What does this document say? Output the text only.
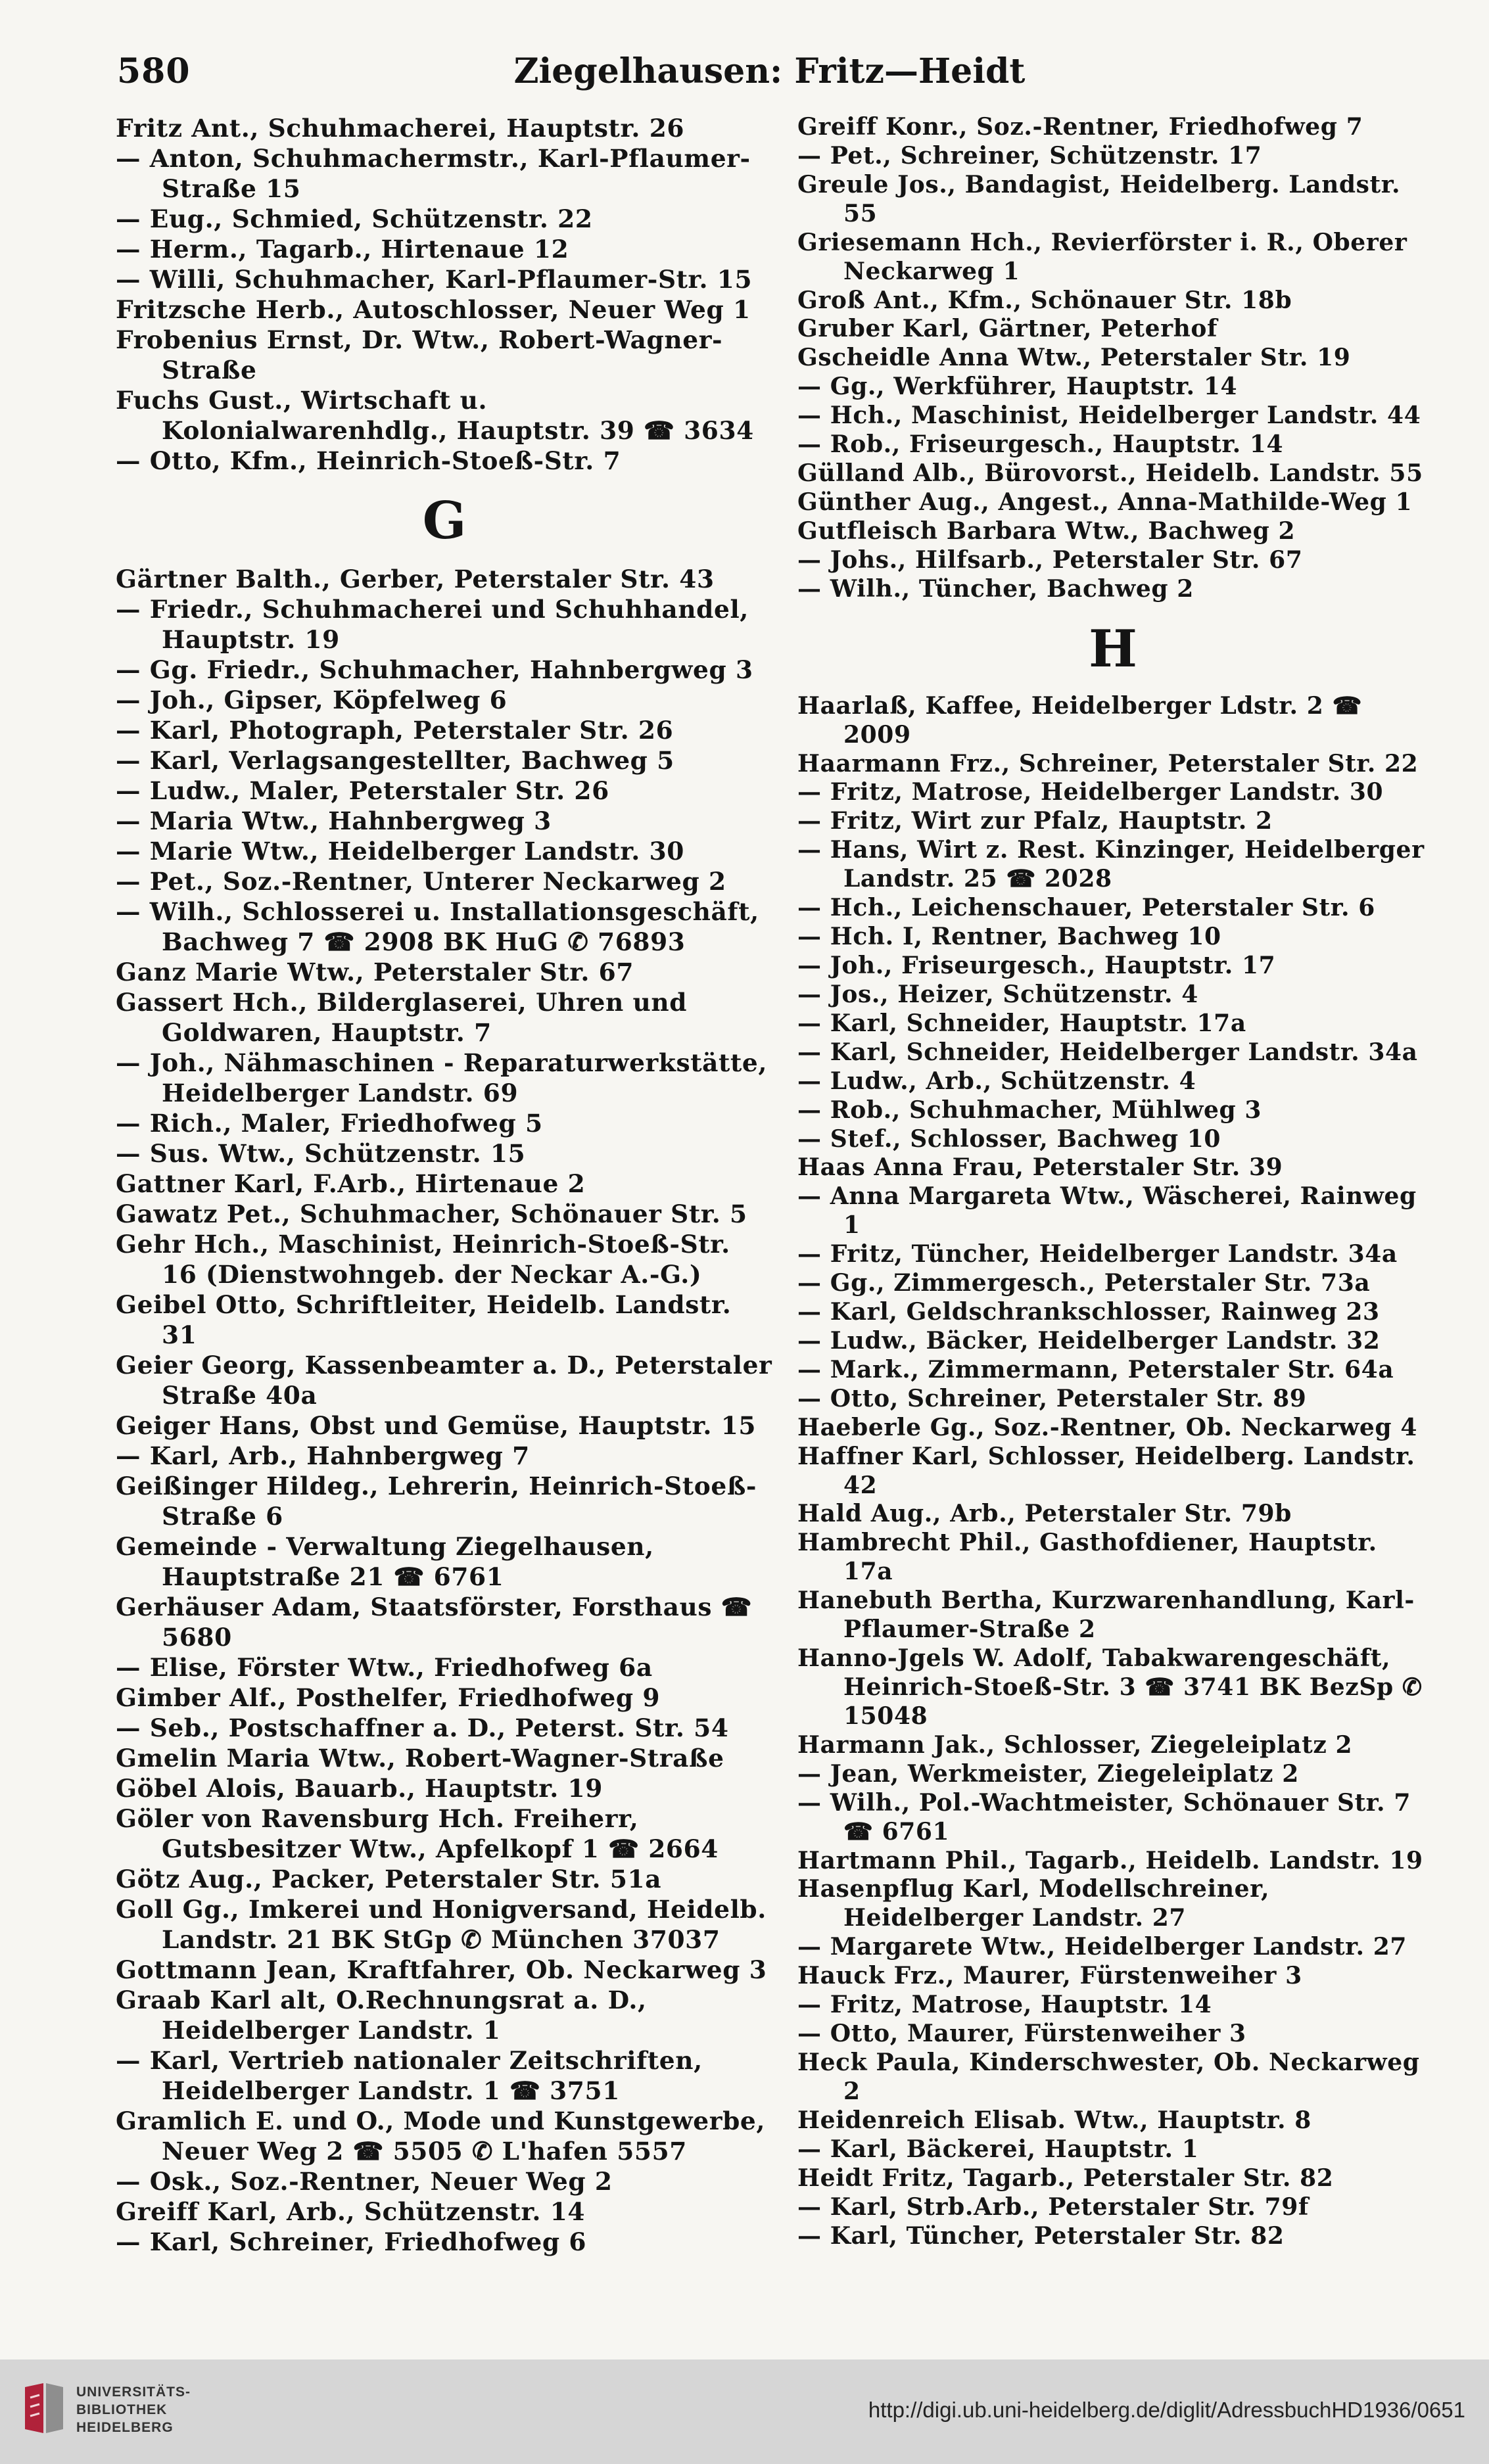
580	Ziegelhausen: Fritz—Heidt
Fritz Ant., Schuhmacherei, Hauptstr. 26
— Anton, Schuhmachermstr., Karl-Pflaumer-Straße 15
— Eug., Schmied, Schützenstr. 22
— Herm., Tagarb., Hirtenaue 12
— Willi, Schuhmacher, Karl-Pflaumer-Str. 15
Fritzsche Herb., Autoschlosser, Neuer Weg 1
Frobenius Ernst, Dr. Wtw., Robert-Wagner-Straße
Fuchs Gust., Wirtschaft u. Kolonialwarenhdlg., Hauptstr. 39 ☎ 3634
— Otto, Kfm., Heinrich-Stoeß-Str. 7
G
Gärtner Balth., Gerber, Peterstaler Str. 43
— Friedr., Schuhmacherei und Schuhhandel, Hauptstr. 19
— Gg. Friedr., Schuhmacher, Hahnbergweg 3
— Joh., Gipser, Köpfelweg 6
— Karl, Photograph, Peterstaler Str. 26
— Karl, Verlagsangestellter, Bachweg 5
— Ludw., Maler, Peterstaler Str. 26
— Maria Wtw., Hahnbergweg 3
— Marie Wtw., Heidelberger Landstr. 30
— Pet., Soz.-Rentner, Unterer Neckarweg 2
— Wilh., Schlosserei u. Installationsgeschäft, Bachweg 7 ☎ 2908 BK HuG ✆ 76893
Ganz Marie Wtw., Peterstaler Str. 67
Gassert Hch., Bilderglaserei, Uhren und Goldwaren, Hauptstr. 7
— Joh., Nähmaschinen - Reparaturwerkstätte, Heidelberger Landstr. 69
— Rich., Maler, Friedhofweg 5
— Sus. Wtw., Schützenstr. 15
Gattner Karl, F.Arb., Hirtenaue 2
Gawatz Pet., Schuhmacher, Schönauer Str. 5
Gehr Hch., Maschinist, Heinrich-Stoeß-Str. 16 (Dienstwohngeb. der Neckar A.-G.)
Geibel Otto, Schriftleiter, Heidelb. Landstr. 31
Geier Georg, Kassenbeamter a. D., Peterstaler Straße 40a
Geiger Hans, Obst und Gemüse, Hauptstr. 15
— Karl, Arb., Hahnbergweg 7
Geißinger Hildeg., Lehrerin, Heinrich-Stoeß-Straße 6
Gemeinde - Verwaltung Ziegelhausen, Hauptstraße 21 ☎ 6761
Gerhäuser Adam, Staatsförster, Forsthaus ☎ 5680
— Elise, Förster Wtw., Friedhofweg 6a
Gimber Alf., Posthelfer, Friedhofweg 9
— Seb., Postschaffner a. D., Peterst. Str. 54
Gmelin Maria Wtw., Robert-Wagner-Straße
Göbel Alois, Bauarb., Hauptstr. 19
Göler von Ravensburg Hch. Freiherr, Gutsbesitzer Wtw., Apfelkopf 1 ☎ 2664
Götz Aug., Packer, Peterstaler Str. 51a
Goll Gg., Imkerei und Honigversand, Heidelb. Landstr. 21 BK StGp ✆ München 37037
Gottmann Jean, Kraftfahrer, Ob. Neckarweg 3
Graab Karl alt, O.Rechnungsrat a. D., Heidelberger Landstr. 1
— Karl, Vertrieb nationaler Zeitschriften, Heidelberger Landstr. 1 ☎ 3751
Gramlich E. und O., Mode und Kunstgewerbe, Neuer Weg 2 ☎ 5505 ✆ L'hafen 5557
— Osk., Soz.-Rentner, Neuer Weg 2
Greiff Karl, Arb., Schützenstr. 14
— Karl, Schreiner, Friedhofweg 6
Greiff Konr., Soz.-Rentner, Friedhofweg 7
— Pet., Schreiner, Schützenstr. 17
Greule Jos., Bandagist, Heidelberg. Landstr. 55
Griesemann Hch., Revierförster i. R., Oberer Neckarweg 1
Groß Ant., Kfm., Schönauer Str. 18b
Gruber Karl, Gärtner, Peterhof
Gscheidle Anna Wtw., Peterstaler Str. 19
— Gg., Werkführer, Hauptstr. 14
— Hch., Maschinist, Heidelberger Landstr. 44
— Rob., Friseurgesch., Hauptstr. 14
Gülland Alb., Bürovorst., Heidelb. Landstr. 55
Günther Aug., Angest., Anna-Mathilde-Weg 1
Gutfleisch Barbara Wtw., Bachweg 2
— Johs., Hilfsarb., Peterstaler Str. 67
— Wilh., Tüncher, Bachweg 2
H
Haarlaß, Kaffee, Heidelberger Ldstr. 2 ☎ 2009
Haarmann Frz., Schreiner, Peterstaler Str. 22
— Fritz, Matrose, Heidelberger Landstr. 30
— Fritz, Wirt zur Pfalz, Hauptstr. 2
— Hans, Wirt z. Rest. Kinzinger, Heidelberger Landstr. 25 ☎ 2028
— Hch., Leichenschauer, Peterstaler Str. 6
— Hch. I, Rentner, Bachweg 10
— Joh., Friseurgesch., Hauptstr. 17
— Jos., Heizer, Schützenstr. 4
— Karl, Schneider, Hauptstr. 17a
— Karl, Schneider, Heidelberger Landstr. 34a
— Ludw., Arb., Schützenstr. 4
— Rob., Schuhmacher, Mühlweg 3
— Stef., Schlosser, Bachweg 10
Haas Anna Frau, Peterstaler Str. 39
— Anna Margareta Wtw., Wäscherei, Rainweg 1
— Fritz, Tüncher, Heidelberger Landstr. 34a
— Gg., Zimmergesch., Peterstaler Str. 73a
— Karl, Geldschrankschlosser, Rainweg 23
— Ludw., Bäcker, Heidelberger Landstr. 32
— Mark., Zimmermann, Peterstaler Str. 64a
— Otto, Schreiner, Peterstaler Str. 89
Haeberle Gg., Soz.-Rentner, Ob. Neckarweg 4
Haffner Karl, Schlosser, Heidelberg. Landstr. 42
Hald Aug., Arb., Peterstaler Str. 79b
Hambrecht Phil., Gasthofdiener, Hauptstr. 17a
Hanebuth Bertha, Kurzwarenhandlung, Karl-Pflaumer-Straße 2
Hanno-Jgels W. Adolf, Tabakwarengeschäft, Heinrich-Stoeß-Str. 3 ☎ 3741 BK BezSp ✆ 15048
Harmann Jak., Schlosser, Ziegeleiplatz 2
— Jean, Werkmeister, Ziegeleiplatz 2
— Wilh., Pol.-Wachtmeister, Schönauer Str. 7 ☎ 6761
Hartmann Phil., Tagarb., Heidelb. Landstr. 19
Hasenpflug Karl, Modellschreiner, Heidelberger Landstr. 27
— Margarete Wtw., Heidelberger Landstr. 27
Hauck Frz., Maurer, Fürstenweiher 3
— Fritz, Matrose, Hauptstr. 14
— Otto, Maurer, Fürstenweiher 3
Heck Paula, Kinderschwester, Ob. Neckarweg 2
Heidenreich Elisab. Wtw., Hauptstr. 8
— Karl, Bäckerei, Hauptstr. 1
Heidt Fritz, Tagarb., Peterstaler Str. 82
— Karl, Strb.Arb., Peterstaler Str. 79f
— Karl, Tüncher, Peterstaler Str. 82
UNIVERSITÄTS-
BIBLIOTHEK
HEIDELBERG
http://digi.ub.uni-heidelberg.de/diglit/AdressbuchHD1936/0651
